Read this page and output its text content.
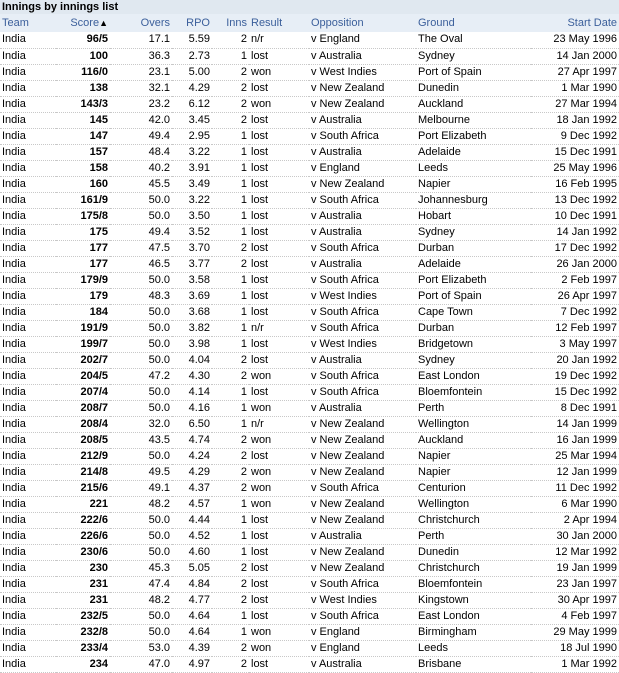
Innings by innings list
Team	Score▲	Overs	RPO	Inns	Result	Opposition	Ground	Start Date
India	96/5	17.1	5.59	2	n/r	v England	The Oval	23 May 1996
India	100	36.3	2.73	1	lost	v Australia	Sydney	14 Jan 2000
India	116/0	23.1	5.00	2	won	v West Indies	Port of Spain	27 Apr 1997
India	138	32.1	4.29	2	lost	v New Zealand	Dunedin	1 Mar 1990
India	143/3	23.2	6.12	2	won	v New Zealand	Auckland	27 Mar 1994
India	145	42.0	3.45	2	lost	v Australia	Melbourne	18 Jan 1992
India	147	49.4	2.95	1	lost	v South Africa	Port Elizabeth	9 Dec 1992
India	157	48.4	3.22	1	lost	v Australia	Adelaide	15 Dec 1991
India	158	40.2	3.91	1	lost	v England	Leeds	25 May 1996
India	160	45.5	3.49	1	lost	v New Zealand	Napier	16 Feb 1995
India	161/9	50.0	3.22	1	lost	v South Africa	Johannesburg	13 Dec 1992
India	175/8	50.0	3.50	1	lost	v Australia	Hobart	10 Dec 1991
India	175	49.4	3.52	1	lost	v Australia	Sydney	14 Jan 1992
India	177	47.5	3.70	2	lost	v South Africa	Durban	17 Dec 1992
India	177	46.5	3.77	2	lost	v Australia	Adelaide	26 Jan 2000
India	179/9	50.0	3.58	1	lost	v South Africa	Port Elizabeth	2 Feb 1997
India	179	48.3	3.69	1	lost	v West Indies	Port of Spain	26 Apr 1997
India	184	50.0	3.68	1	lost	v South Africa	Cape Town	7 Dec 1992
India	191/9	50.0	3.82	1	n/r	v South Africa	Durban	12 Feb 1997
India	199/7	50.0	3.98	1	lost	v West Indies	Bridgetown	3 May 1997
India	202/7	50.0	4.04	2	lost	v Australia	Sydney	20 Jan 1992
India	204/5	47.2	4.30	2	won	v South Africa	East London	19 Dec 1992
India	207/4	50.0	4.14	1	lost	v South Africa	Bloemfontein	15 Dec 1992
India	208/7	50.0	4.16	1	won	v Australia	Perth	8 Dec 1991
India	208/4	32.0	6.50	1	n/r	v New Zealand	Wellington	14 Jan 1999
India	208/5	43.5	4.74	2	won	v New Zealand	Auckland	16 Jan 1999
India	212/9	50.0	4.24	2	lost	v New Zealand	Napier	25 Mar 1994
India	214/8	49.5	4.29	2	won	v New Zealand	Napier	12 Jan 1999
India	215/6	49.1	4.37	2	won	v South Africa	Centurion	11 Dec 1992
India	221	48.2	4.57	1	won	v New Zealand	Wellington	6 Mar 1990
India	222/6	50.0	4.44	1	lost	v New Zealand	Christchurch	2 Apr 1994
India	226/6	50.0	4.52	1	lost	v Australia	Perth	30 Jan 2000
India	230/6	50.0	4.60	1	lost	v New Zealand	Dunedin	12 Mar 1992
India	230	45.3	5.05	2	lost	v New Zealand	Christchurch	19 Jan 1999
India	231	47.4	4.84	2	lost	v South Africa	Bloemfontein	23 Jan 1997
India	231	48.2	4.77	2	lost	v West Indies	Kingstown	30 Apr 1997
India	232/5	50.0	4.64	1	lost	v South Africa	East London	4 Feb 1997
India	232/8	50.0	4.64	1	won	v England	Birmingham	29 May 1999
India	233/4	53.0	4.39	2	won	v England	Leeds	18 Jul 1990
India	234	47.0	4.97	2	lost	v Australia	Brisbane	1 Mar 1992
